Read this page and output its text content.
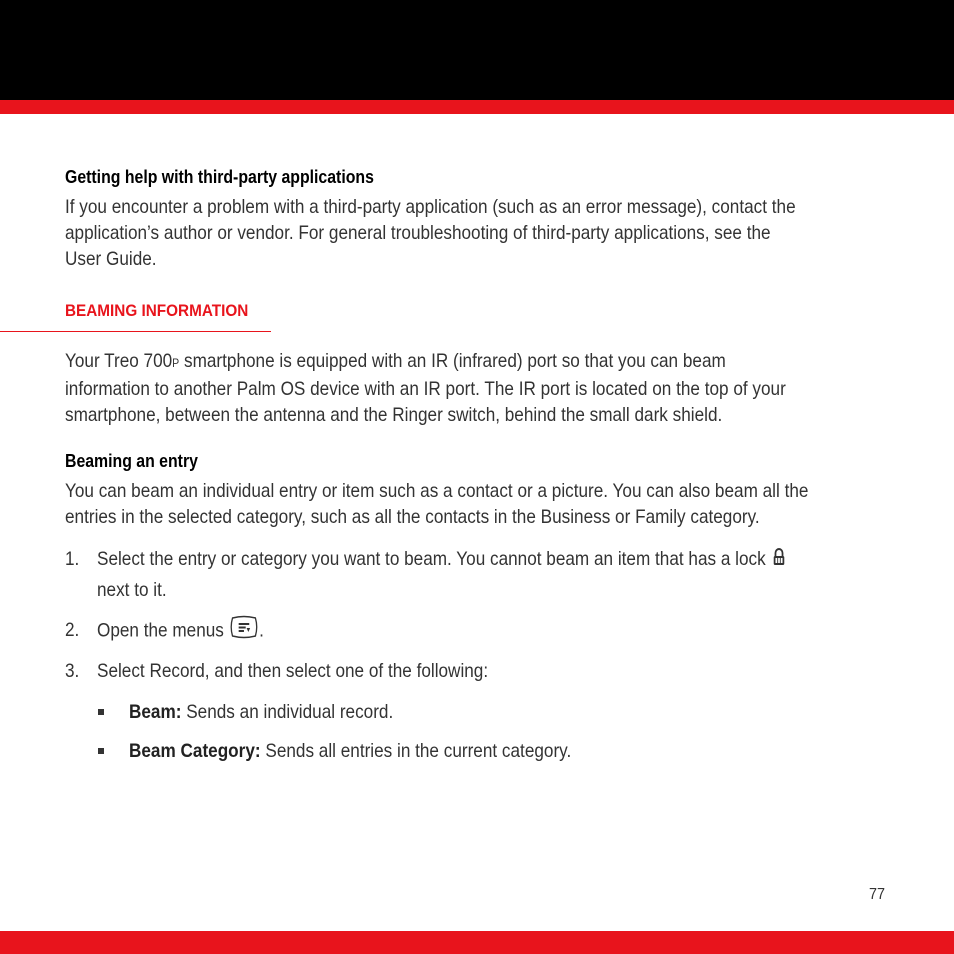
Getting help with third-party applications
If you encounter a problem with a third-party application (such as an error message), contact the
application’s author or vendor. For general troubleshooting of third-party applications, see the
User Guide.
BEAMING INFORMATION
Your Treo 700P smartphone is equipped with an IR (infrared) port so that you can beam
information to another Palm OS device with an IR port. The IR port is located on the top of your
smartphone, between the antenna and the Ringer switch, behind the small dark shield.
Beaming an entry
You can beam an individual entry or item such as a contact or a picture. You can also beam all the
entries in the selected category, such as all the contacts in the Business or Family category.
1. Select the entry or category you want to beam. You cannot beam an item that has a lock
next to it.
2. Open the menus .
3. Select Record, and then select one of the following:
Beam: Sends an individual record.
Beam Category: Sends all entries in the current category.
77
